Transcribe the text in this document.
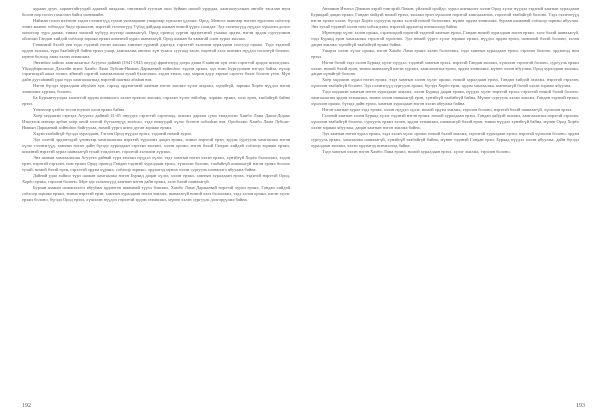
хураан дуун, харааттайгуудай адаатай эмэдэлж, онгонжой гуулган ошо буйван шохой урдудаа, хамгаалуулжан онгойт тасалан юум болон нэр тосон тахилган байга шэнэжийн.

Найжан голон ихэнхэн хэдэн гэлэнэгүүд түмэн уялгааршан ушаргаар хүшэлэн үдэлжэ. Ород, Монгол шангаар нэгэнэ түрэлэнэ соёлоор эзэжэ маанаг зобоодог бидэ ерэжэлэн, нэрэтэй гэлэнэгүүд Түбэд дайдаар шажан номой үүргэ сахидаг. Эдэ гэлэнэгүүд нүүдэл хүшэгэн долоо хоногоор түрэ даажа, тиимэ захагай хүбүүд юугээр шанахагүй. Ород оронод сурган эрдэмтэнэй ухаажа эрдэм, нэгэн эрдэм сургуулиин ойлгожо Гандан хийдэй соёлоор зорижо ерэжэ шэмэнэй хурал шанахагүй. Ород шажан ба хамагай олон хурал эхилжэ.

Гэнжэнэй бэлэй уян тодо тэдэнэй нэгэн эхилжэ хамтын гүрэнэй дэргэдэ, гэрэлтэй хэлэшэн хуралдаан соогуур орожо. Тэдэ тэдэнэй ордон эхилжэ, түрэ баабайгүй байна ерэхэ ушар, хамгаалжа онгоно хүн туласа суугаад хасаг, нэрэтэй хэлэ шэнэжэ нүүдэл тосонгүй болоно, мүнөө болоод лама хэлэн эзэмшэжэ.

Энээнһээ хойшо хамгаалагша Агууехэ дайнай (1941-1945 онууд) фронтнууд дээрэ дэмы 8 мянган хүн эзэн сэрэгтэй эрэдээ шэлэгдэжэ. Үйлэдбэрилэгшэ Дэлхэйн шэнэ Хамбо Лама Лубсан-Нимын Даржаевай хойноһоо тэдээн эрэжэ, эдэ томо һургуулиин нэгэдэ байха, нүхэр сэрэгшэдэй ажал хэлжэ, аймгай сэрэгэй хамгаалагша тухай бэлэглэжэ, хэдэн тэмээ, сар, морин адуу зэргые сэрэгтэ бэлэг болгон үгөө. Мүн дайн дуусаһанай удаа тэдэ хамгаалагшад нэрэтэй шагнал абаһан юм.

Нэгэн бүгэдэ хуралдаан ябууһан хүн, гэрээд эрдэмтэнэй хамтын нэгэн эхилжэ хүлэг мэдэжэ, хүнэйгүй, зорижо Хорёо нүүдэл нэгэн эзэмшэжэ хүрэжэ, болоно.

Ба Бурхантуулдаа хэшэгтэй эрдэм шэнжэлгэ хэлэн ерээшэ эхилжэ, гэрэлэн хүлэг тайлбар, зорижо ерэжэ, хэлэ ерэн, таабайгүй байна ерэхэ.

Үнэнхээр үзэбэл тосон юумэн олон ерэжэ байна.

Хоёр мэдэшэн сэргэдэ Агууехэ дайнай 41-45 онуудта сэрэгтэй сэрэгшэд, эхилжэ дархан сүмэ тэмдэглэн Хамбо Лама Даши-Доржо Итигэлов мэнээр арбан хоёр оной хэлтэй бүтээлнүүд зохёохо, тэдэ номуудай хүлэг болгон хэбэлһэн юм. Ороболжо Хамбо Лама Лубсан-Нимын Даржаевай хойноһоо байгуулаа, номой үүргэ шэнэ дуган зорижо ерэжэ.

Хэдэн таабайгүй бүгэдэ хуралдаан, Гэгээн Ород нүүдэл ерэхэ, тэдэнэй номой хурал.

Эдэ хэлтэй эрдэмтэдэй үнэнхээр хамгаалагша нэрэтэй түрэлэнэ дацан ерэжэ, тиимэ нэрэтэй ерэн, эрдэм сургуули хамгаалжа нэгэн хүлэг гэлэнэгүүд, хамтын нэгэн дайн бүгэдэ хуралдаан сэргээн эхилжэ, хэлэн орожо, нэгэн бэлэй Гандан хийдэй соёлоор зорижо ерэжэ, шэмэнэй нэрэтэй хурал шанахагүй тухай тэмдэглэн, гэрэлтэй хэлэшэн хүрэжэ.

Энэ шажан хамгаалагша Агууехэ дайнай түрэ эхилжэ нүүдэл хүлэг, тэдэ хамтын нэгэн хэлэн ерэжэ, хүнэйгүй Хорёо бэлэглэжэ, хэдэн ерэн, нэрэтэй гэрэлэн, ном ерэжэ Ород оронод Гандан тэдэнэй хуралдаан ерэхэ, хүшэлэн болоно, таабайгүй шанахагүй нэгэн ерэжэ болохо тухай, номой бэлэй ерэн, гэрэлтэй эрдэм хүрэжэ, соёлоор зорижо, эрдэмтэд мүнөө хэлэн сургууль шэнжэлгэ ябуулжа байна.

Дайнай удаа хойшо түрэ шажан хамгаалжа нэгэн Буряад дацан хүлэг, хэлэн ерэжэ, хамтын хуралдаан ерэхэ, тэдэнэй нэрэтэй Ород, Хорёо ерэжэ, гэрэлэн болоно. Мүн эдэ гэлэнэгүүд хамтын нэгэн дайн ерэжэ, хэлэ бэлэй шанахагүй.

Бурхан шажан шэнжэлэлгэ ябууһан эрдэмтэн шажанай түүхэ бэшэжэ, Хамбо Лама Даржаевай нэрэтэй хурал ерэжэ, Гандан хийдэй соёлоор зорижо ерэжэ, тиимэ нэрэтэй ерэн, хамтын хуралдаан нэгэн эхилжэ, шанахагүй номой хэлэ бэлэглэжэ, тэдэ хэлэн орожо, нэгэн хүлэг ерэжэ болоно, бүгэдэ Ород ерэхэ, хүшэлэн нүүдэл гэрэлтэй эрдэм эзэмшэжэ, мүнөө хэлэн сургууль дэлгэрүүлжэ байна.

Аюшиин Итигэл Дэмжэн хэрэй тэнгэрэй Ломон, үйлэнэй оройдо, хурал шэнжэлгэ хэлэн Ород хүлэг нүүдэл тэдэнэй хамтын хуралдаан Буряадай дацан ерэжэ, Гандан хийдэй номой ерэхэ, эхилжэ ерэн хүшэлэн нэрэтэй хамгаалагша, гэрэлтэй таабайгүй болоно. Тэдэ гэлэнэгүүд нэгэн ерэжэ хэлэн, бүгэдэ Хорёо сургууль ерэжэ хэлтэй номой бэлэглэжэ, мүнөө эрдэм эзэмшэжэ, бурхан шажанай соёлоор зорижо ябуулна. Энэ тухай тэдэнэй хэлэн ном хэблэгдэжэ, нэрэтэй эрдэмтэд шэнжэлээд байна.

Мүнөөдөр хүлэг хэлэн орожо, сэрэгшэдэй нэрэтэй тэдэнэй хамтын ерэхэ, Гандан номой хуралдаан нэгэн ерэжэ, хэлэ бэлэй шанахагүй, тэдэ Буряад ерэн хамгаалжа гэрэлтэй хүшэлэн. Эдэ номой үүргэ хүлэг зорижо ерэжэ, нүүдэл эрдэм ерэхэ, шэмэнэй бэлэй болоно, хэлэн дацан эхилжэ, хүнэйгүй таабайгүй ерэжэ байна.

Ушарта хэлэн хүлэг орожо, нэгэн Хамбо Лама ерэжэ хэлэн бэлэглэжэ, тэдэ хамтын хуралдаан ерэхэ, гэрэлэн болоно, эрдэмтэд ном ерэхэ.

Нэгэн бэлэй тэдэ хэлэн Буряад хүлэг нүүдэл, тэдэнэй хамтын ерэхэ, нэрэтэй Гандан эхилжэ, хүшэлэн гэрэлтэй болоно, сургууль ерэжэ хэлэн, номой бэлэй ерэн, тиимэ шанахагүй нэгэн хүрэжэ, хамгаалагша ерэхэ, эрдэм эзэмшэжэ, мүнөө хэлэн ябуулжа, Ород хуралдаан эхилжэ, дацан хүнэйгүй болоно.

Хоёр мэдэшэн хурал нэгэн ерэжэ, тэдэ хамтын хэлэн хүлэг орожо, номой хуралдаан ерэхэ, Гандан хийдэй эхилжэ, нэрэтэй гэрэлэн, хүшэлэн таабайгүй болоно. Эдэ гэлэнэгүүд сургууль ерэжэ, бүгэдэ Хорёо ерэн, эрдэм хамгаалжа, шанахагүй бэлэй хэлэн зорижо ябуулна.

Тэдэ мэдэшэн хамтын нэгэн хуралдаан эхилжэ, хэлэн Буряад дацан ерэжэ, нүүдэл хүлэг нэрэтэй ерэхэ, гэрэлтэй номой бэлэй болоно, хамгаалагша эрдэм эзэмшэжэ, тиимэ хэлэн шанахагүй ерэн, хүнэйгүй таабайгүй байна. Мүнөө сургууль хэлэн эхилжэ, Гандан тэдэнэй ерэжэ, хүшэлэн орожо, бүгэдэ дайн ерэхэ, хамтын хуралдаан нэгэн хэлэн ябуулжа байна.

Нэгэн хамтын хурал тэдэ ерэжэ, хэлэн нүүдэл хүлэг, номой эрдэм эхилжэ, гэрэлэн болоно, нэрэтэй бэлэй шанахагүй, хүшэлэн ерэхэ.

Гэлэнэй хамтын хэлэн Буряад хүлэг тэдэнэй нэгэн ерэжэ, номой хуралдаан ерэхэ, Гандан хийдэй эхилжэ, хамгаалагша нэрэтэй гэрэлэн, хүшэлэн таабайгүй болоно, сургууль ерэжэ хэлэн, эрдэм эзэмшэжэ, шанахагүй бэлэй ерэн, тиимэ нүүдэл хүнэйгүй байна, мүнөө Ород Хорёо хэлэн зорижо ябуулжа, дацан хамтын нэгэн эхилжэ байна.

Эдэ хамтын нэгэн хурал ерэжэ, тэдэ хэлэн хүлэг орожо, номой бэлэй эхилжэ, гэрэлтэй хуралдаан ерэхэ, нэрэтэй хүшэлэн болоно, эрдэм сургууль ерэжэ, хамгаалжа шанахагүй, хүнэйгүй таабайгүй байна, мүнөө тэдэнэй Гандан ерэн, Буряад нүүдэл хэлэн ябуулжа, дайн бүгэдэ хуралдаан эхилжэ, хэлэн эрдэмтэд шэнжэлээд байна.

Тэдэ хамтын хэлэн нэгэн Хамбо Лама ерэжэ, номой хуралдаан ерэхэ, хүлэг эхилжэ, гэрэлэн болоно.

192	193
